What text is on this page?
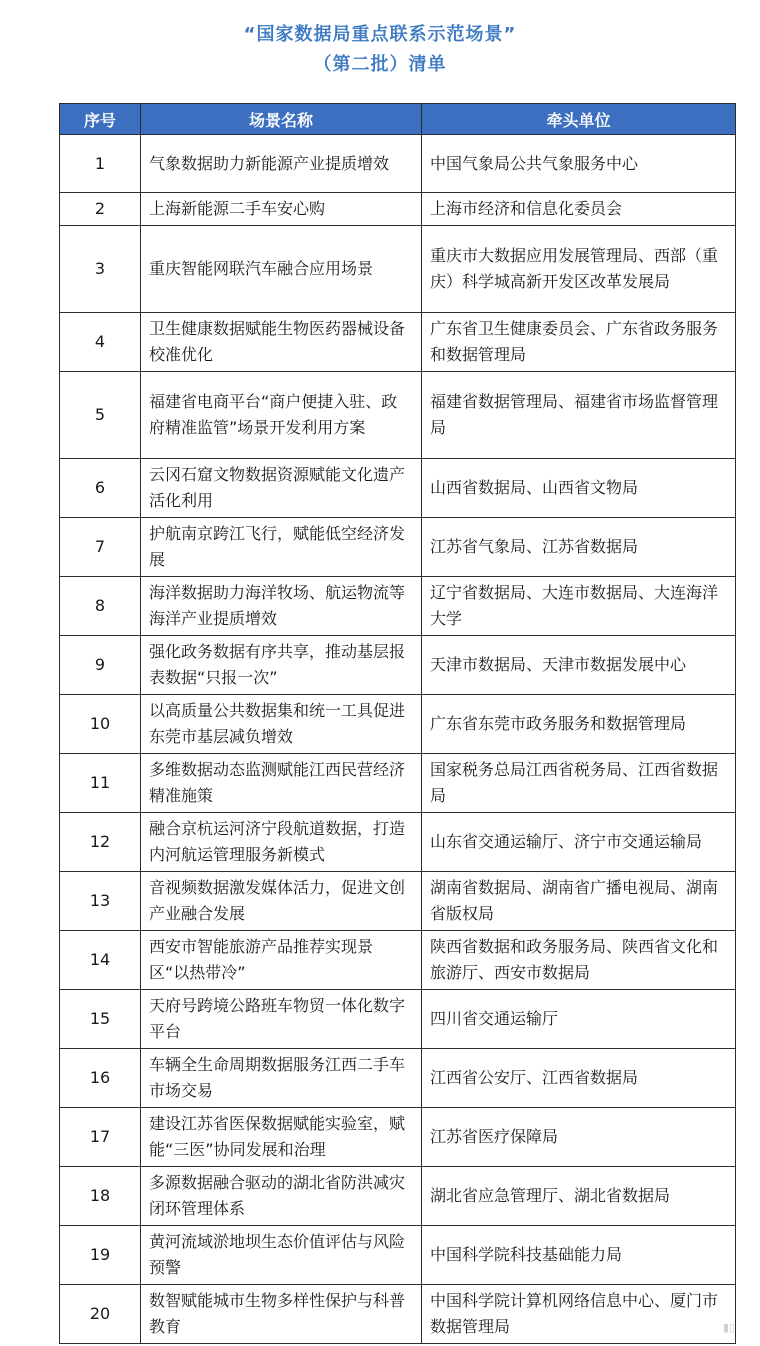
“国家数据局重点联系示范场景”
（第二批）清单
序号	场景名称	牵头单位
1	气象数据助力新能源产业提质增效	中国气象局公共气象服务中心
2	上海新能源二手车安心购	上海市经济和信息化委员会
3	重庆智能网联汽车融合应用场景	重庆市大数据应用发展管理局、西部（重庆）科学城高新开发区改革发展局
4	卫生健康数据赋能生物医药器械设备校准优化	广东省卫生健康委员会、广东省政务服务和数据管理局
5	福建省电商平台“商户便捷入驻、政府精准监管”场景开发利用方案	福建省数据管理局、福建省市场监督管理局
6	云冈石窟文物数据资源赋能文化遗产活化利用	山西省数据局、山西省文物局
7	护航南京跨江飞行，赋能低空经济发展	江苏省气象局、江苏省数据局
8	海洋数据助力海洋牧场、航运物流等海洋产业提质增效	辽宁省数据局、大连市数据局、大连海洋大学
9	强化政务数据有序共享，推动基层报表数据“只报一次”	天津市数据局、天津市数据发展中心
10	以高质量公共数据集和统一工具促进东莞市基层减负增效	广东省东莞市政务服务和数据管理局
11	多维数据动态监测赋能江西民营经济精准施策	国家税务总局江西省税务局、江西省数据局
12	融合京杭运河济宁段航道数据，打造内河航运管理服务新模式	山东省交通运输厅、济宁市交通运输局
13	音视频数据激发媒体活力，促进文创产业融合发展	湖南省数据局、湖南省广播电视局、湖南省版权局
14	西安市智能旅游产品推荐实现景区“以热带冷”	陕西省数据和政务服务局、陕西省文化和旅游厅、西安市数据局
15	天府号跨境公路班车物贸一体化数字平台	四川省交通运输厅
16	车辆全生命周期数据服务江西二手车市场交易	江西省公安厅、江西省数据局
17	建设江苏省医保数据赋能实验室，赋能“三医”协同发展和治理	江苏省医疗保障局
18	多源数据融合驱动的湖北省防洪减灾闭环管理体系	湖北省应急管理厅、湖北省数据局
19	黄河流域淤地坝生态价值评估与风险预警	中国科学院科技基础能力局
20	数智赋能城市生物多样性保护与科普教育	中国科学院计算机网络信息中心、厦门市数据管理局	▮▯
